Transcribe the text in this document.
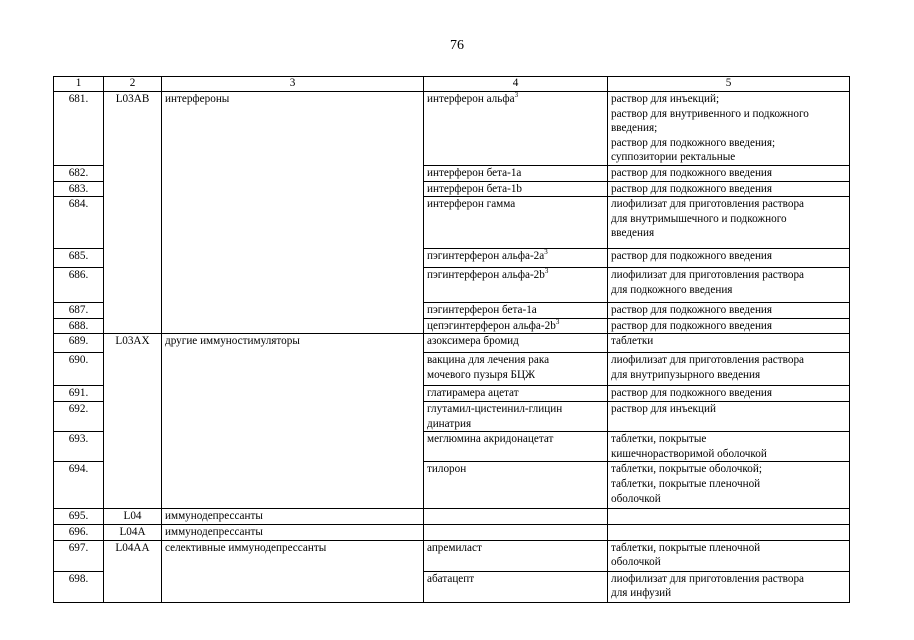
76
1	2	3	4	5
681.	L03AB	интерфероны	интерферон альфа$^3$	раствор для инъекций;
раствор для внутривенного и подкожного
введения;
раствор для подкожного введения;
суппозитории ректальные

682.			интерферон бета-1a	раствор для подкожного введения

683.			интерферон бета-1b	раствор для подкожного введения

684.			интерферон гамма	лиофилизат для приготовления раствора
для внутримышечного и подкожного
введения

685.			пэгинтерферон альфа-$2a^3$	раствор для подкожного введения

686.			пэгинтерферон альфа-$2b^3$	лиофилизат для приготовления раствора
для подкожного введения

687.			пэгинтерферон бета-1a	раствор для подкожного введения

688.			цепэгинтерферон альфа-$2b^3$	раствор для подкожного введения

689.	L03AX	другие иммуностимуляторы	азоксимера бромид	таблетки

690.			вакцина для лечения рака
мочевого пузыря БЦЖ	лиофилизат для приготовления раствора
для внутрипузырного введения

691.			глатирамера ацетат	раствор для подкожного введения

692.			глутамил-цистеинил-глицин
динатрия	раствор для инъекций

693.			меглюмина акридонацетат	таблетки, покрытые
кишечнорастворимой оболочкой

694.			тилорон	таблетки, покрытые оболочкой;
таблетки, покрытые пленочной
оболочкой

695.	L04	иммунодепрессанты		
696.	L04A	иммунодепрессанты		
697.	L04AA	селективные иммунодепрессанты	апремиласт	таблетки, покрытые пленочной
оболочкой

698.			абатацепт	лиофилизат для приготовления раствора
для инфузий
